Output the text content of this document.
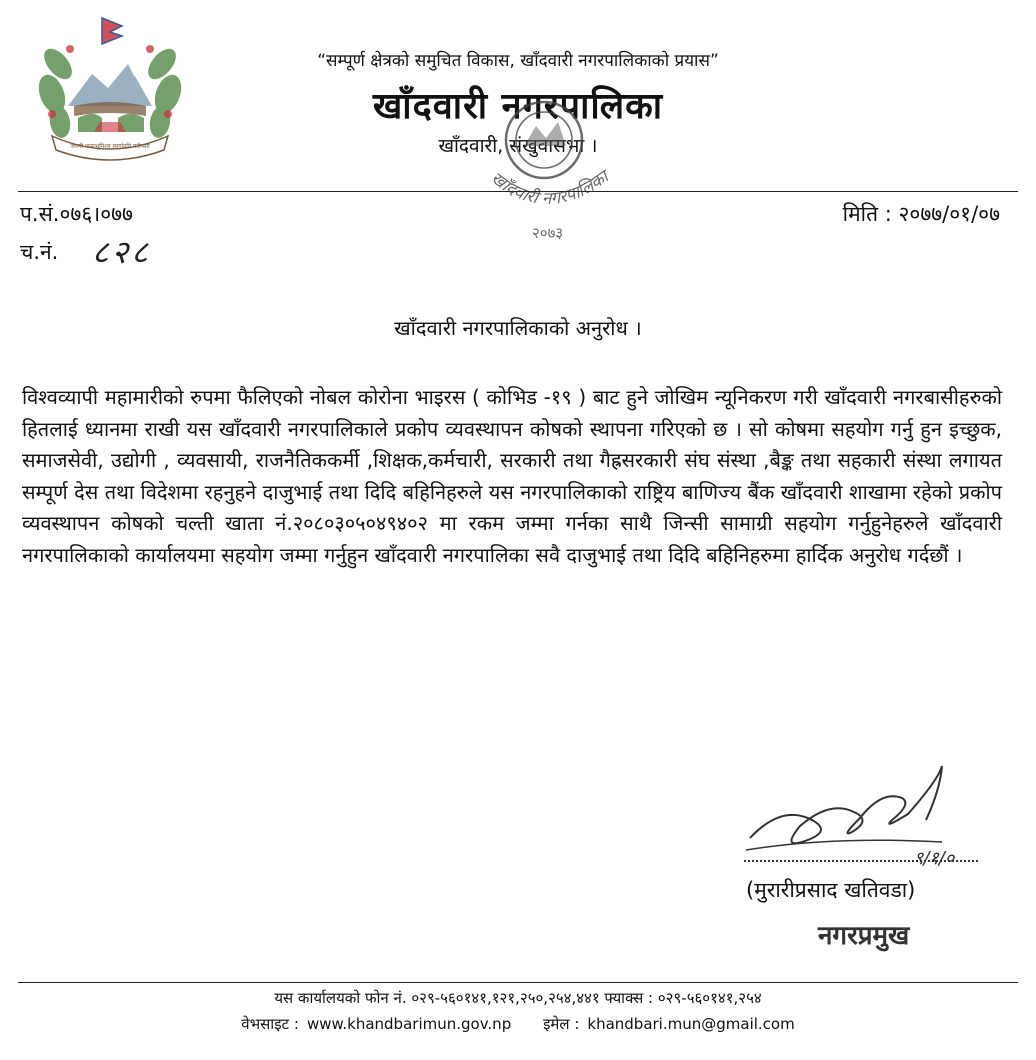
जननी जन्मभूमिश्च स्वर्गादपि गरीयसी
“सम्पूर्ण क्षेत्रको समुचित विकास, खाँदवारी नगरपालिकाको प्रयास”
खाँदवारी नगरपालिका
खाँदवारी, संखुवासभा ।
खाँदवारी नगरपालिका
२०७३
प.सं.०७६।०७७
च.नं. ८२८
मिति : २०७७/०१/०७
खाँदवारी नगरपालिकाको अनुरोध ।

विश्वव्यापी महामारीको रुपमा फैलिएको नोबल कोरोना भाइरस ( कोभिड -१९ ) बाट हुने जोखिम न्यूनिकरण गरी खाँदवारी नगरबासीहरुको हितलाई ध्यानमा राखी यस खाँदवारी नगरपालिकाले प्रकोप व्यवस्थापन कोषको स्थापना गरिएको छ । सो कोषमा सहयोग गर्नु हुन इच्छुक, समाजसेवी, उद्योगी , व्यवसायी, राजनैतिककर्मी ,शिक्षक,कर्मचारी, सरकारी तथा गैह्रसरकारी संघ संस्था ,बैङ्क तथा सहकारी संस्था लगायत सम्पूर्ण देस तथा विदेशमा रहनुहने दाजुभाई तथा दिदि बहिनिहरुले यस नगरपालिकाको राष्ट्रिय बाणिज्य बैंक खाँदवारी शाखामा रहेको प्रकोप व्यवस्थापन कोषको चल्ती खाता नं.२०८०३०५०४९४०२ मा रकम जम्मा गर्नका साथै जिन्सी सामाग्री सहयोग गर्नुहुनेहरुले खाँदवारी नगरपालिकाको कार्यालयमा सहयोग जम्मा गर्नुहुन खाँदवारी नगरपालिका सवै दाजुभाई तथा दिदि बहिनिहरुमा हार्दिक अनुरोध गर्दछौं ।

९/१/०
(मुरारीप्रसाद खतिवडा)
नगरप्रमुख
यस कार्यालयको फोन नं. ०२९-५६०१४१,१२१,२५०,२५४,४४१ फ्याक्स : ०२९-५६०१४१,२५४
वेभसाइट : www.khandbarimun.gov.np इमेल : khandbari.mun@gmail.com
